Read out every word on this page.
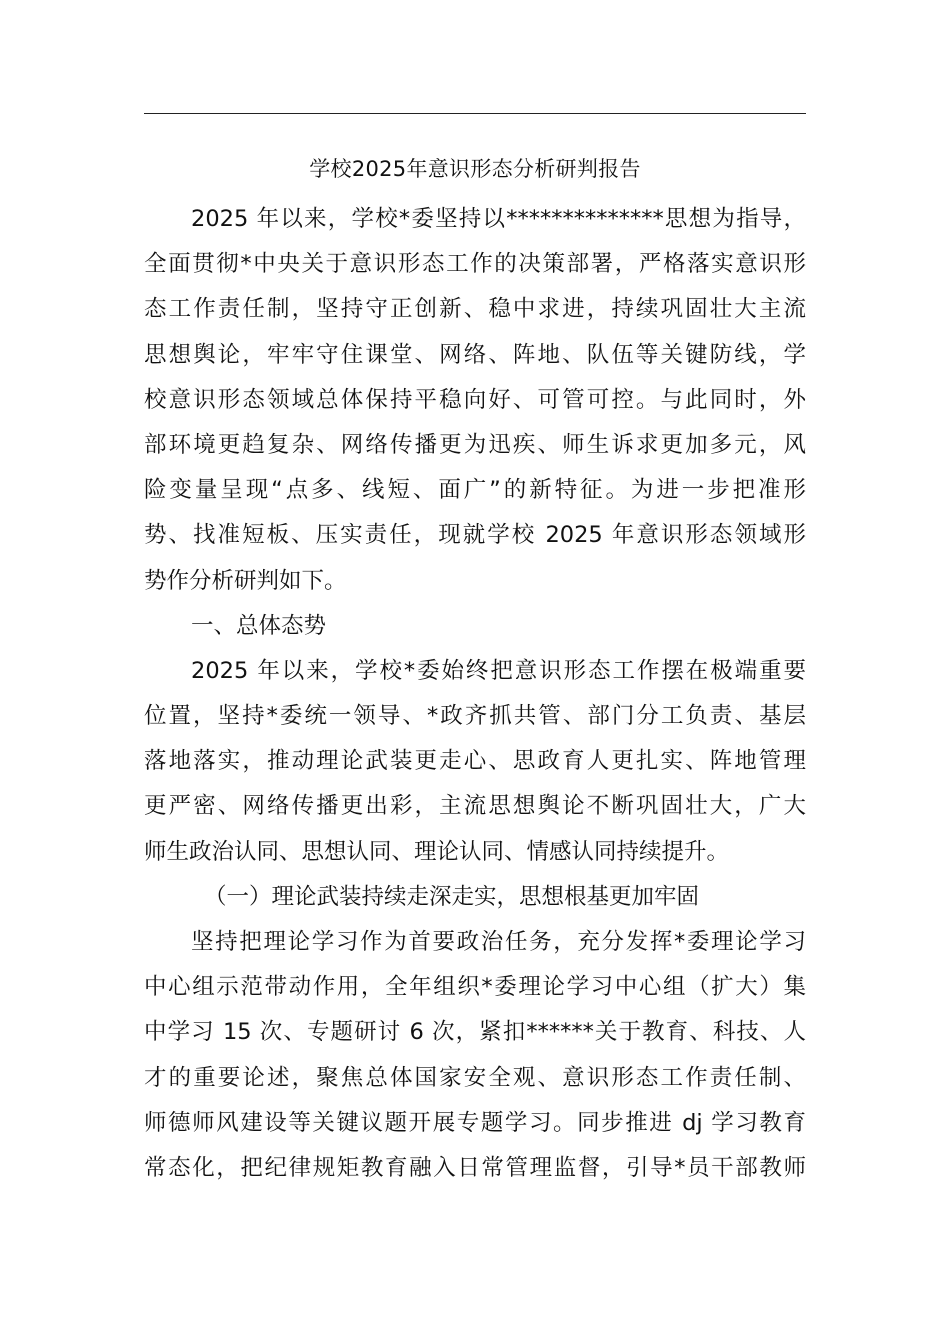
学校2025年意识形态分析研判报告
2025 年以来，学校*委坚持以**************思想为指导，
全面贯彻*中央关于意识形态工作的决策部署，严格落实意识形
态工作责任制，坚持守正创新、稳中求进，持续巩固壮大主流
思想舆论，牢牢守住课堂、网络、阵地、队伍等关键防线，学
校意识形态领域总体保持平稳向好、可管可控。与此同时，外
部环境更趋复杂、网络传播更为迅疾、师生诉求更加多元，风
险变量呈现“点多、线短、面广”的新特征。为进一步把准形
势、找准短板、压实责任，现就学校 2025 年意识形态领域形
势作分析研判如下。
一、总体态势
2025 年以来，学校*委始终把意识形态工作摆在极端重要
位置，坚持*委统一领导、*政齐抓共管、部门分工负责、基层
落地落实，推动理论武装更走心、思政育人更扎实、阵地管理
更严密、网络传播更出彩，主流思想舆论不断巩固壮大，广大
师生政治认同、思想认同、理论认同、情感认同持续提升。
（一）理论武装持续走深走实，思想根基更加牢固
坚持把理论学习作为首要政治任务，充分发挥*委理论学习
中心组示范带动作用，全年组织*委理论学习中心组（扩大）集
中学习 15 次、专题研讨 6 次，紧扣******关于教育、科技、人
才的重要论述，聚焦总体国家安全观、意识形态工作责任制、
师德师风建设等关键议题开展专题学习。同步推进 dj 学习教育
常态化，把纪律规矩教育融入日常管理监督，引导*员干部教师
